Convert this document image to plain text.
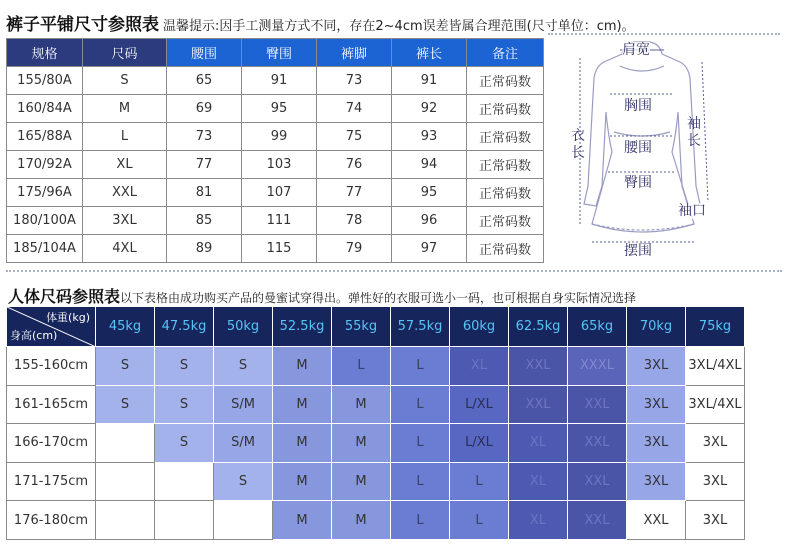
裤子平铺尺寸参照表 温馨提示:因手工测量方式不同，存在2~4cm误差皆属合理范围(尺寸单位：cm)。
规格	尺码	腰围	臀围	裤脚	裤长	备注
155/80A	S	65	91	73	91	正常码数
160/84A	M	69	95	74	92	正常码数
165/88A	L	73	99	75	93	正常码数
170/92A	XL	77	103	76	94	正常码数
175/96A	XXL	81	107	77	95	正常码数
180/100A	3XL	85	111	78	96	正常码数
185/104A	4XL	89	115	79	97	正常码数
肩宽
胸围
腰围
臀围
衣长
袖长
袖口
摆围
人体尺码参照表以下表格由成功购买产品的曼蜜试穿得出。弹性好的衣服可选小一码，也可根据自身实际情况选择
体重(kg)
身高(cm)	45kg	47.5kg	50kg	52.5kg	55kg	57.5kg	60kg	62.5kg	65kg	70kg	75kg
155-160cm	S	S	S	M	L	L	XL	XXL	XXXL	3XL	3XL/4XL
161-165cm	S	S	S/M	M	M	L	L/XL	XXL	XXL	3XL	3XL/4XL
166-170cm		S	S/M	M	M	L	L/XL	XL	XXL	3XL	3XL
171-175cm			S	M	M	L	L	XL	XXL	3XL	3XL
176-180cm				M	M	L	L	XL	XXL	XXL	3XL
